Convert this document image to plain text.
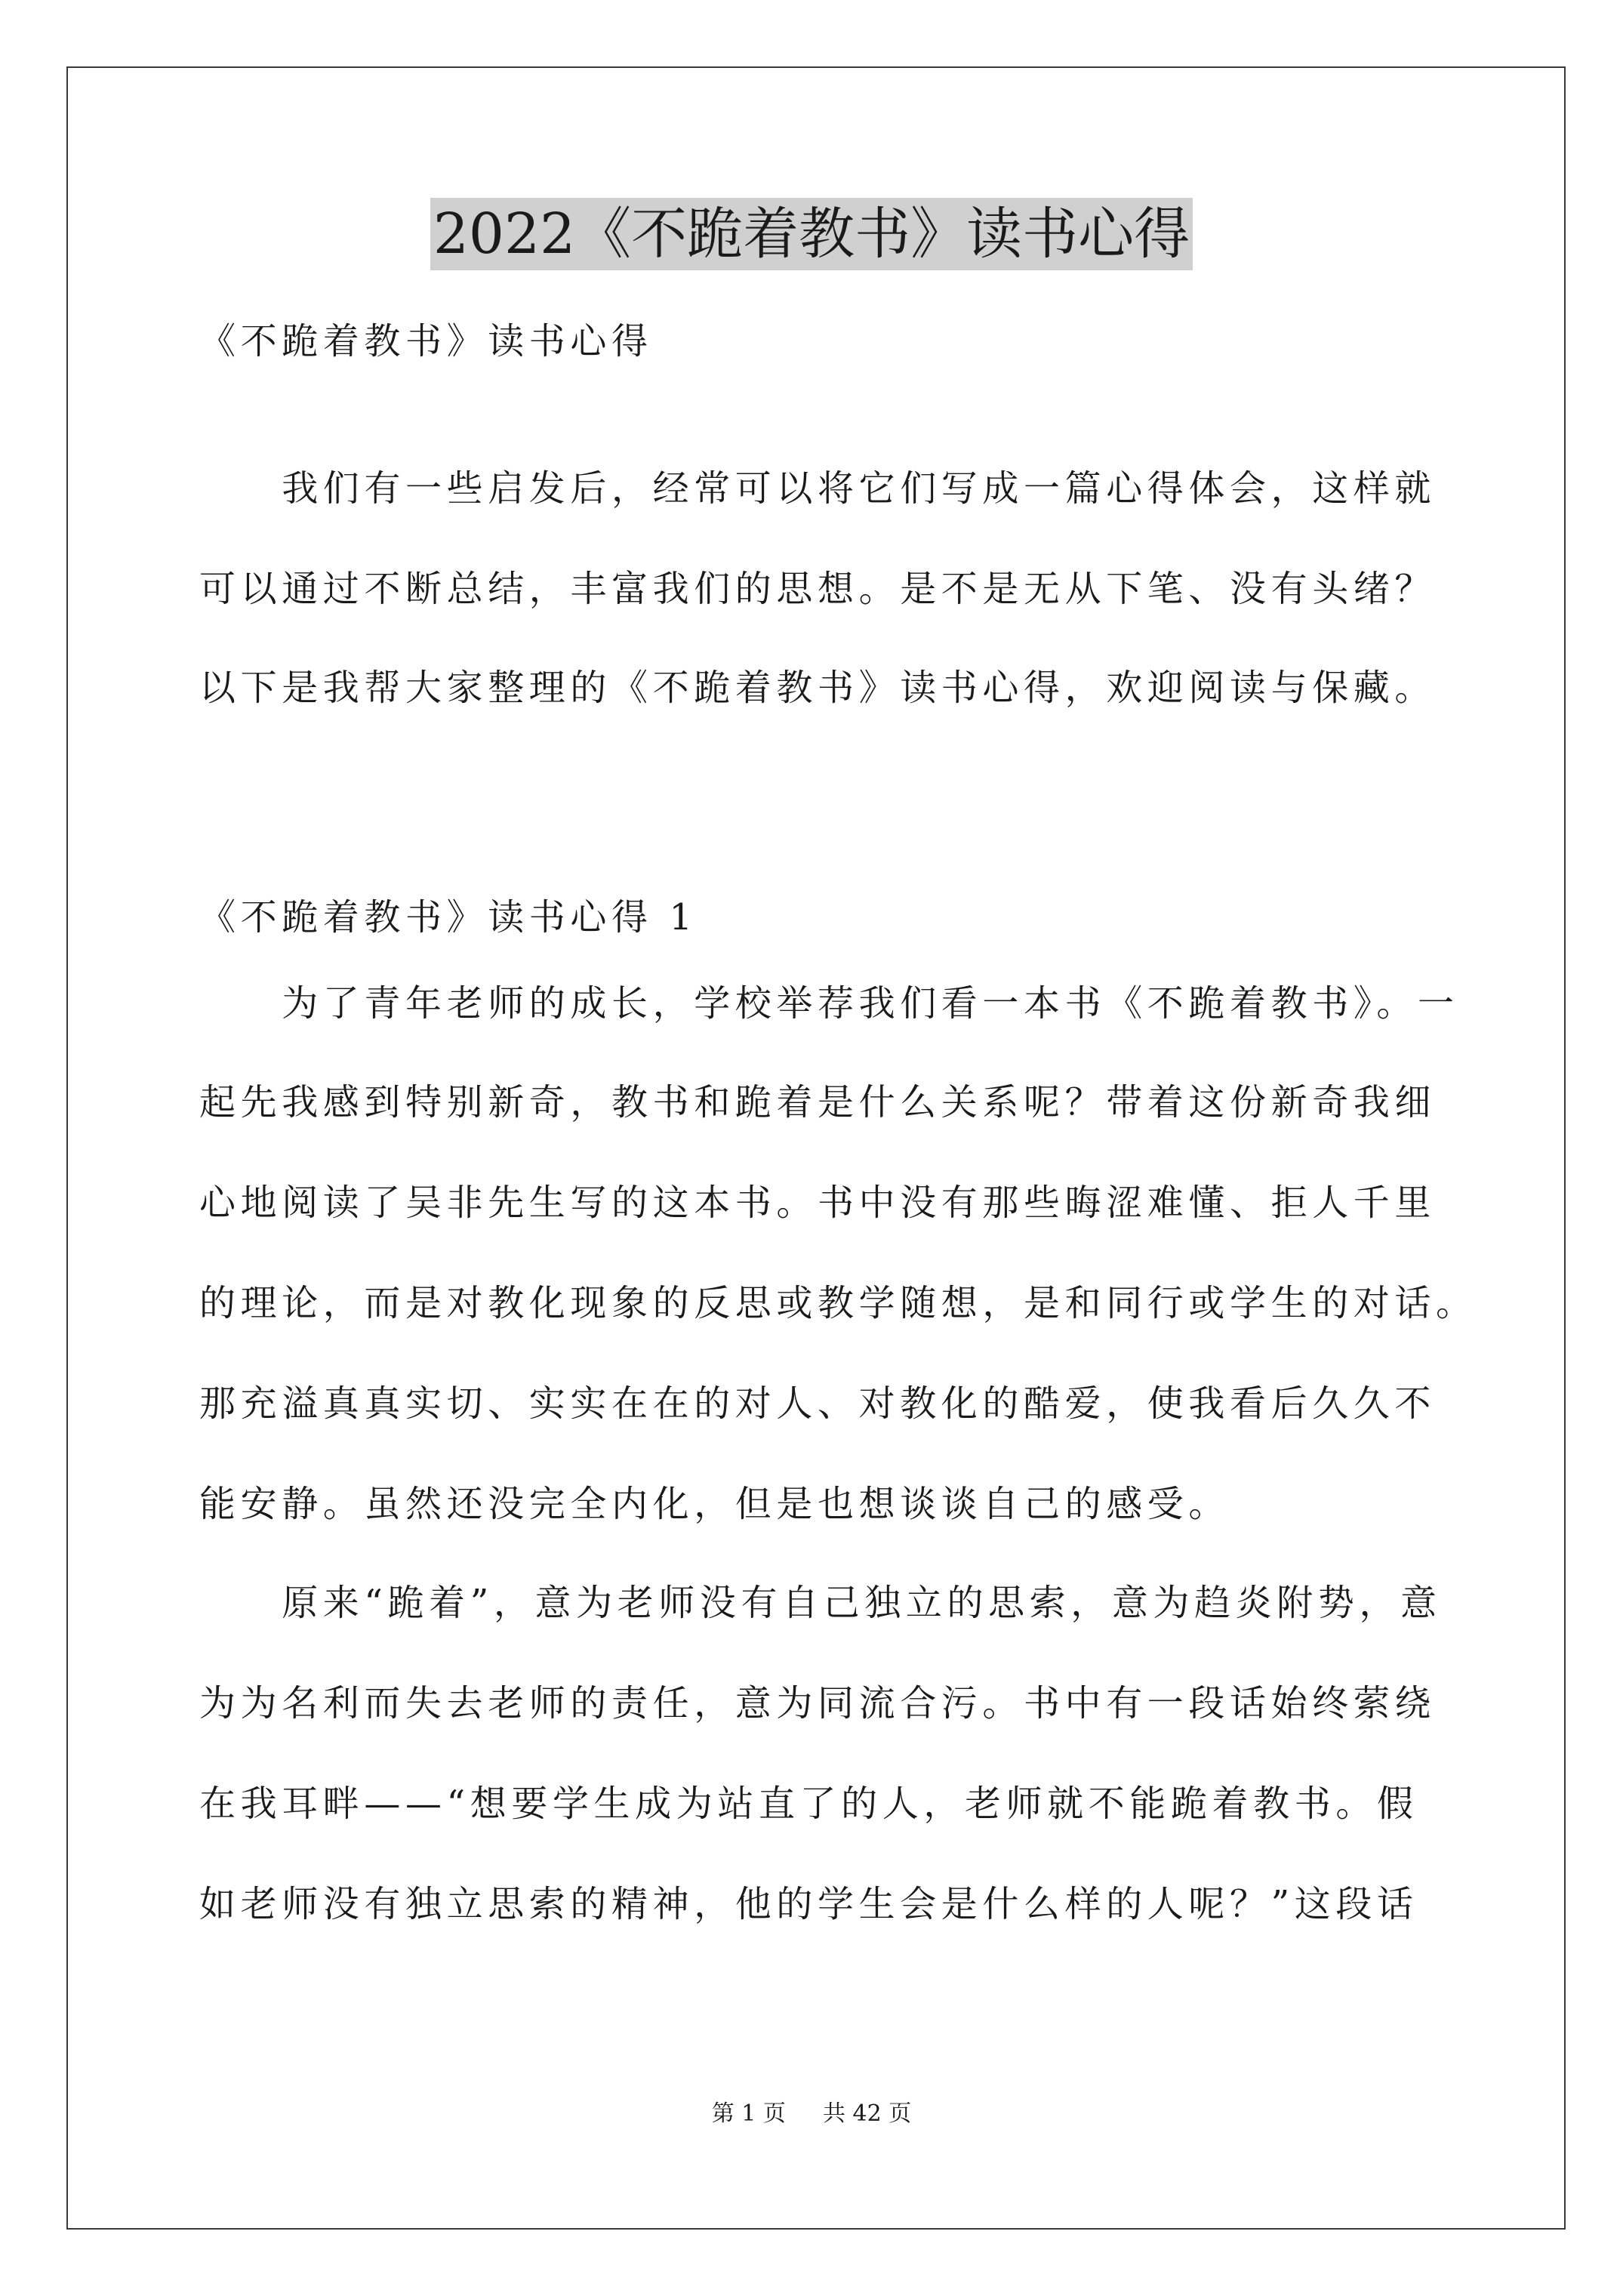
2022《不跪着教书》读书心得
《不跪着教书》读书心得
　　我们有一些启发后，经常可以将它们写成一篇心得体会，这样就
可以通过不断总结，丰富我们的思想。是不是无从下笔、没有头绪？
以下是我帮大家整理的《不跪着教书》读书心得，欢迎阅读与保藏。
《不跪着教书》读书心得 1
　　为了青年老师的成长，学校举荐我们看一本书《不跪着教书》。一
起先我感到特别新奇，教书和跪着是什么关系呢？带着这份新奇我细
心地阅读了吴非先生写的这本书。书中没有那些晦涩难懂、拒人千里
的理论，而是对教化现象的反思或教学随想，是和同行或学生的对话。
那充溢真真实切、实实在在的对人、对教化的酷爱，使我看后久久不
能安静。虽然还没完全内化，但是也想谈谈自己的感受。
　　原来“跪着”，意为老师没有自己独立的思索，意为趋炎附势，意
为为名利而失去老师的责任，意为同流合污。书中有一段话始终萦绕
在我耳畔——“想要学生成为站直了的人，老师就不能跪着教书。假
如老师没有独立思索的精神，他的学生会是什么样的人呢？”这段话
第 1 页 共 42 页
